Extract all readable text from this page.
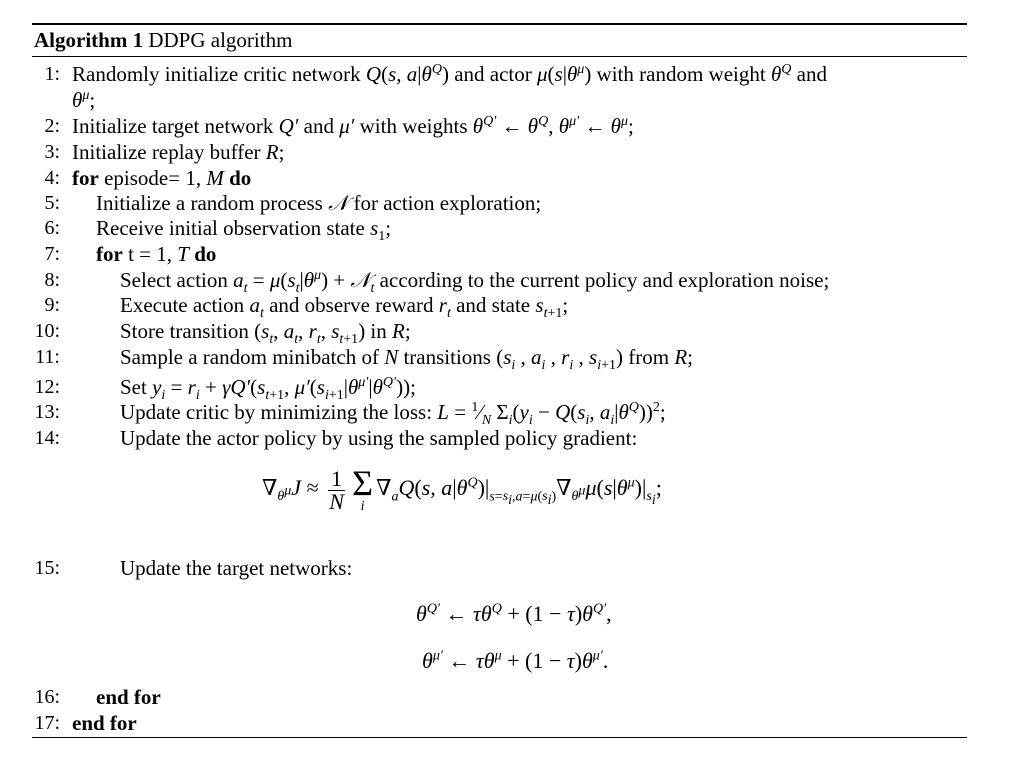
Algorithm 1 DDPG algorithm
1:
2:
3:
4:
5:
6:
7:
8:
9:
10:
11:
12:
13:
14:
15:
16:
17:
Randomly initialize critic network Q(s, $a|\theta^Q$) and actor $\mu(s|\theta^\mu)$ with random weight $\theta^Q$ and
$\theta^\mu$;
Initialize target network Q′ and μ′ with weights $\theta^{Q'}$ ← $\theta^Q$, $\theta^{\mu'}$ ← $\theta^\mu$;
Initialize replay buffer R;
for episode= 1, M do
Initialize a random process 𝒩 for action exploration;
Receive initial observation state $s_1$;
for t = 1, T do
Select action $a_t = \mu(s_t|\theta^\mu)$ + 𝒩$_t$ according to the current policy and exploration noise;
Execute action $a_t$ and observe reward $r_t$ and state $s_{t+1}$;
Store transition ($s_t$, $a_t$, $r_t$, $s_{t+1}$) in R;
Sample a random minibatch of N transitions ($s_i$ , $a_i$ , $r_i$ , $s_{i+1}$) from R;
Set $y_i = r_i + \gamma Q'(s_{t+1}$, $\mu'(s_{i+1}|\theta^{\mu'}|\theta^{Q'})$);
Update critic by minimizing the loss: $L = ^1⁄_N$ $\Sigma_i(y_i - Q(s_i$, $a_i|\theta^Q))^2$;
Update the actor policy by using the sampled policy gradient:
$\nabla_{\theta^\mu}J \approx \frac{1}{N}$ Σ
i
$\nabla_aQ(s$, $a|\theta^Q)|_{s=s_i,a=\mu(s_i)}\nabla_{\theta^\mu}\mu(s|\theta^\mu)|_{s_i}$;
Update the target networks:
$\theta^{Q'}$ ← $\tau\theta^Q + (1 - \tau)\theta^{Q'}$,
$\theta^{\mu'}$ ← $\tau\theta^\mu + (1 - \tau)\theta^{\mu'}$.
end for
end for
